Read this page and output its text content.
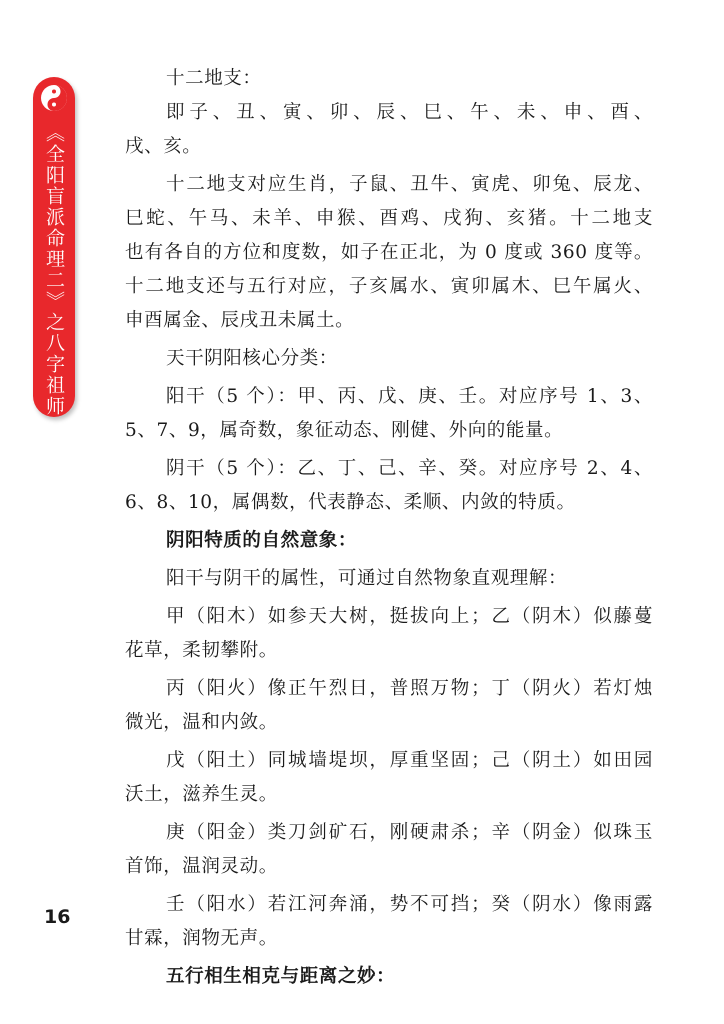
《全阳盲派命理二》之八字祖师
十二地支：
即子、丑、寅、卯、辰、巳、午、未、申、酉、
戌、亥。
十二地支对应生肖，子鼠、丑牛、寅虎、卯兔、辰龙、
巳蛇、午马、未羊、申猴、酉鸡、戌狗、亥猪。十二地支
也有各自的方位和度数，如子在正北，为 0 度或 360 度等。
十二地支还与五行对应，子亥属水、寅卯属木、巳午属火、
申酉属金、辰戌丑未属土。
天干阴阳核心分类：
阳干（5 个）：甲、丙、戊、庚、壬。对应序号 1、3、
5、7、9，属奇数，象征动态、刚健、外向的能量。
阴干（5 个）：乙、丁、己、辛、癸。对应序号 2、4、
6、8、10，属偶数，代表静态、柔顺、内敛的特质。
阴阳特质的自然意象：
阳干与阴干的属性，可通过自然物象直观理解：
甲（阳木）如参天大树，挺拔向上；乙（阴木）似藤蔓
花草，柔韧攀附。
丙（阳火）像正午烈日，普照万物；丁（阴火）若灯烛
微光，温和内敛。
戊（阳土）同城墙堤坝，厚重坚固；己（阴土）如田园
沃土，滋养生灵。
庚（阳金）类刀剑矿石，刚硬肃杀；辛（阴金）似珠玉
首饰，温润灵动。
壬（阳水）若江河奔涌，势不可挡；癸（阴水）像雨露
甘霖，润物无声。
五行相生相克与距离之妙：
16
